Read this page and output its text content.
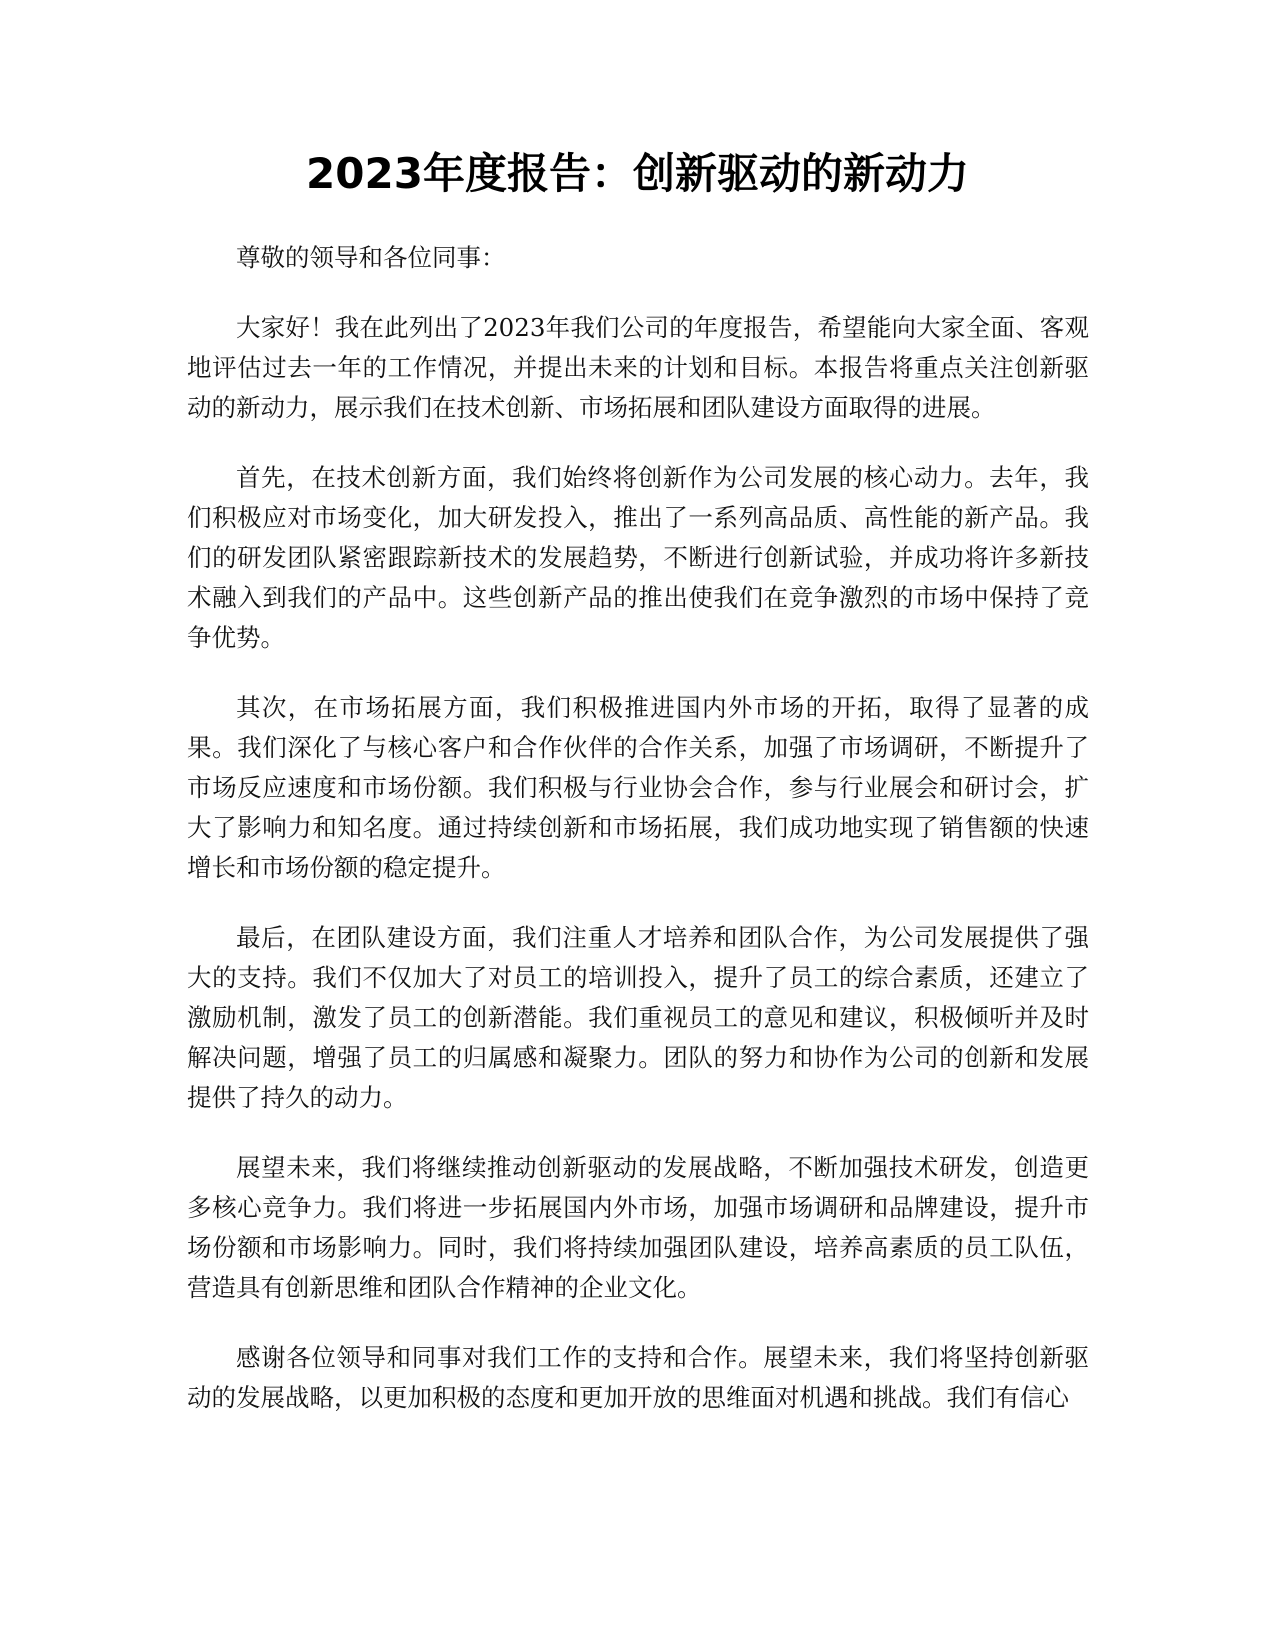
2023年度报告：创新驱动的新动力

尊敬的领导和各位同事：

大家好！我在此列出了2023年我们公司的年度报告，希望能向大家全面、客观地评估过去一年的工作情况，并提出未来的计划和目标。本报告将重点关注创新驱动的新动力，展示我们在技术创新、市场拓展和团队建设方面取得的进展。

首先，在技术创新方面，我们始终将创新作为公司发展的核心动力。去年，我们积极应对市场变化，加大研发投入，推出了一系列高品质、高性能的新产品。我们的研发团队紧密跟踪新技术的发展趋势，不断进行创新试验，并成功将许多新技术融入到我们的产品中。这些创新产品的推出使我们在竞争激烈的市场中保持了竞争优势。

其次，在市场拓展方面，我们积极推进国内外市场的开拓，取得了显著的成果。我们深化了与核心客户和合作伙伴的合作关系，加强了市场调研，不断提升了市场反应速度和市场份额。我们积极与行业协会合作，参与行业展会和研讨会，扩大了影响力和知名度。通过持续创新和市场拓展，我们成功地实现了销售额的快速增长和市场份额的稳定提升。

最后，在团队建设方面，我们注重人才培养和团队合作，为公司发展提供了强大的支持。我们不仅加大了对员工的培训投入，提升了员工的综合素质，还建立了激励机制，激发了员工的创新潜能。我们重视员工的意见和建议，积极倾听并及时解决问题，增强了员工的归属感和凝聚力。团队的努力和协作为公司的创新和发展提供了持久的动力。

展望未来，我们将继续推动创新驱动的发展战略，不断加强技术研发，创造更多核心竞争力。我们将进一步拓展国内外市场，加强市场调研和品牌建设，提升市场份额和市场影响力。同时，我们将持续加强团队建设，培养高素质的员工队伍，营造具有创新思维和团队合作精神的企业文化。

感谢各位领导和同事对我们工作的支持和合作。展望未来，我们将坚持创新驱动的发展战略，以更加积极的态度和更加开放的思维面对机遇和挑战。我们有信心
